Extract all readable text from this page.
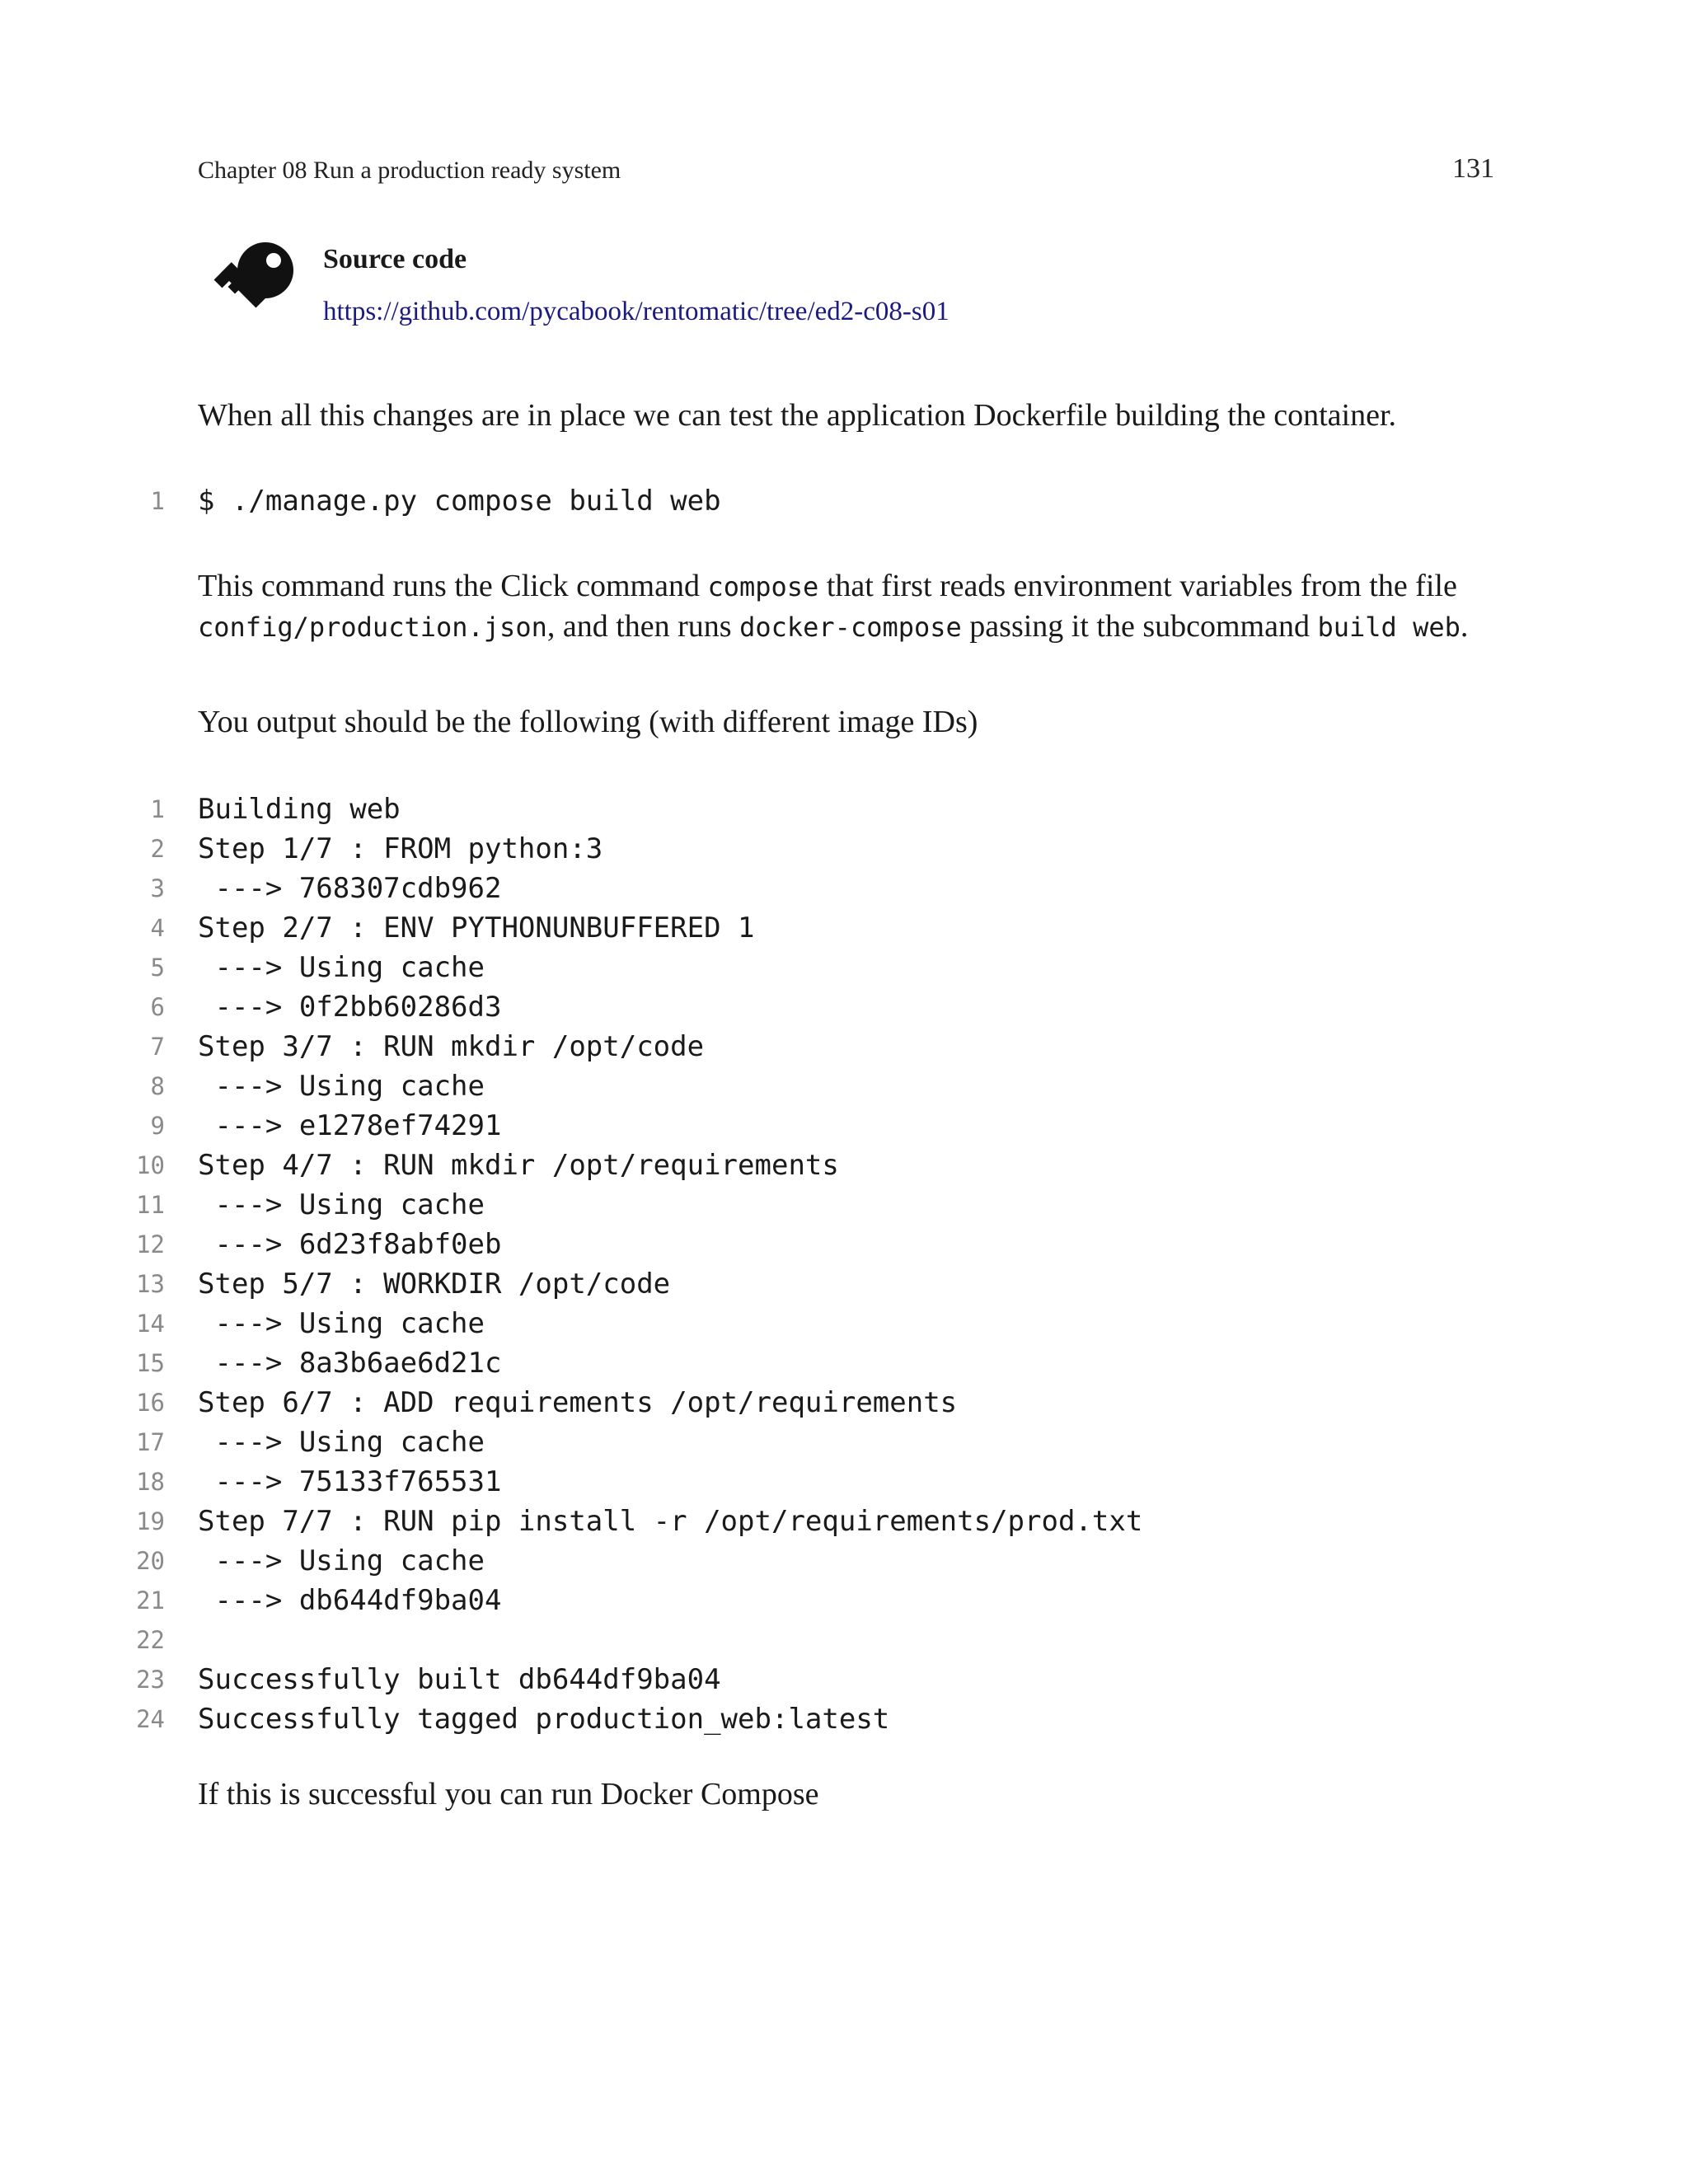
Chapter 08 Run a production ready system	131
Source code
https://github.com/pycabook/rentomatic/tree/ed2-c08-s01
When all this changes are in place we can test the application Dockerfile building the container.
1 $ ./manage.py compose build web
This command runs the Click command compose that first reads environment variables from the file config/production.json, and then runs docker-compose passing it the subcommand build web.
You output should be the following (with different image IDs)
1 Building web
2 Step 1/7 : FROM python:3
3 ---> 768307cdb962
4 Step 2/7 : ENV PYTHONUNBUFFERED 1
5 ---> Using cache
6 ---> 0f2bb60286d3
7 Step 3/7 : RUN mkdir /opt/code
8 ---> Using cache
9 ---> e1278ef74291
10 Step 4/7 : RUN mkdir /opt/requirements
11 ---> Using cache
12 ---> 6d23f8abf0eb
13 Step 5/7 : WORKDIR /opt/code
14 ---> Using cache
15 ---> 8a3b6ae6d21c
16 Step 6/7 : ADD requirements /opt/requirements
17 ---> Using cache
18 ---> 75133f765531
19 Step 7/7 : RUN pip install -r /opt/requirements/prod.txt
20 ---> Using cache
21 ---> db644df9ba04
22
23 Successfully built db644df9ba04
24 Successfully tagged production_web:latest
If this is successful you can run Docker Compose
